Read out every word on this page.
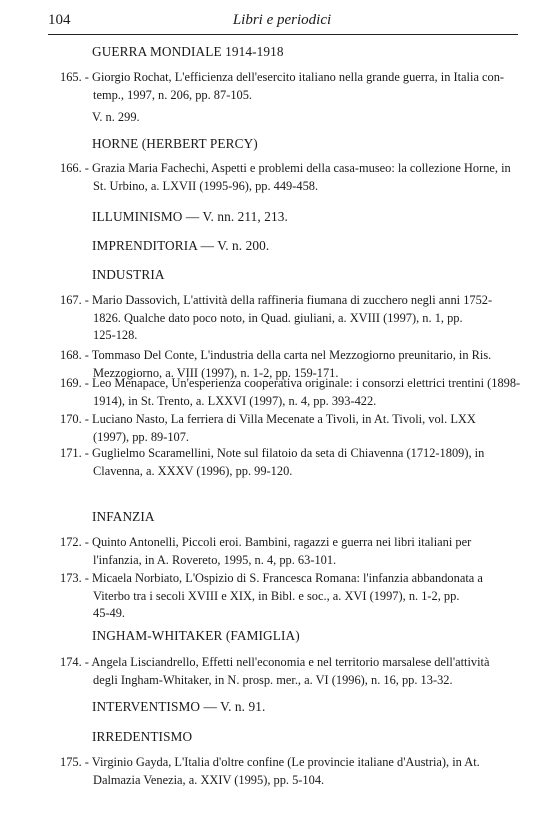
104	Libri e periodici
GUERRA MONDIALE 1914-1918
165. - Giorgio Rochat, L'efficienza dell'esercito italiano nella grande guerra, in Italia con-
temp., 1997, n. 206, pp. 87-105.
V. n. 299.
HORNE (HERBERT PERCY)
166. - Grazia Maria Fachechi, Aspetti e problemi della casa-museo: la collezione Horne, in
St. Urbino, a. LXVII (1995-96), pp. 449-458.
ILLUMINISMO — V. nn. 211, 213.
IMPRENDITORIA — V. n. 200.
INDUSTRIA
167. - Mario Dassovich, L'attività della raffineria fiumana di zucchero negli anni 1752-
1826. Qualche dato poco noto, in Quad. giuliani, a. XVIII (1997), n. 1, pp.
125-128.
168. - Tommaso Del Conte, L'industria della carta nel Mezzogiorno preunitario, in Ris.
Mezzogiorno, a. VIII (1997), n. 1-2, pp. 159-171.
169. - Leo Menapace, Un'esperienza cooperativa originale: i consorzi elettrici trentini (1898-
1914), in St. Trento, a. LXXVI (1997), n. 4, pp. 393-422.
170. - Luciano Nasto, La ferriera di Villa Mecenate a Tivoli, in At. Tivoli, vol. LXX
(1997), pp. 89-107.
171. - Guglielmo Scaramellini, Note sul filatoio da seta di Chiavenna (1712-1809), in
Clavenna, a. XXXV (1996), pp. 99-120.
INFANZIA
172. - Quinto Antonelli, Piccoli eroi. Bambini, ragazzi e guerra nei libri italiani per
l'infanzia, in A. Rovereto, 1995, n. 4, pp. 63-101.
173. - Micaela Norbiato, L'Ospizio di S. Francesca Romana: l'infanzia abbandonata a
Viterbo tra i secoli XVIII e XIX, in Bibl. e soc., a. XVI (1997), n. 1-2, pp.
45-49.
INGHAM-WHITAKER (FAMIGLIA)
174. - Angela Lisciandrello, Effetti nell'economia e nel territorio marsalese dell'attività
degli Ingham-Whitaker, in N. prosp. mer., a. VI (1996), n. 16, pp. 13-32.
INTERVENTISMO — V. n. 91.
IRREDENTISMO
175. - Virginio Gayda, L'Italia d'oltre confine (Le provincie italiane d'Austria), in At.
Dalmazia Venezia, a. XXIV (1995), pp. 5-104.
